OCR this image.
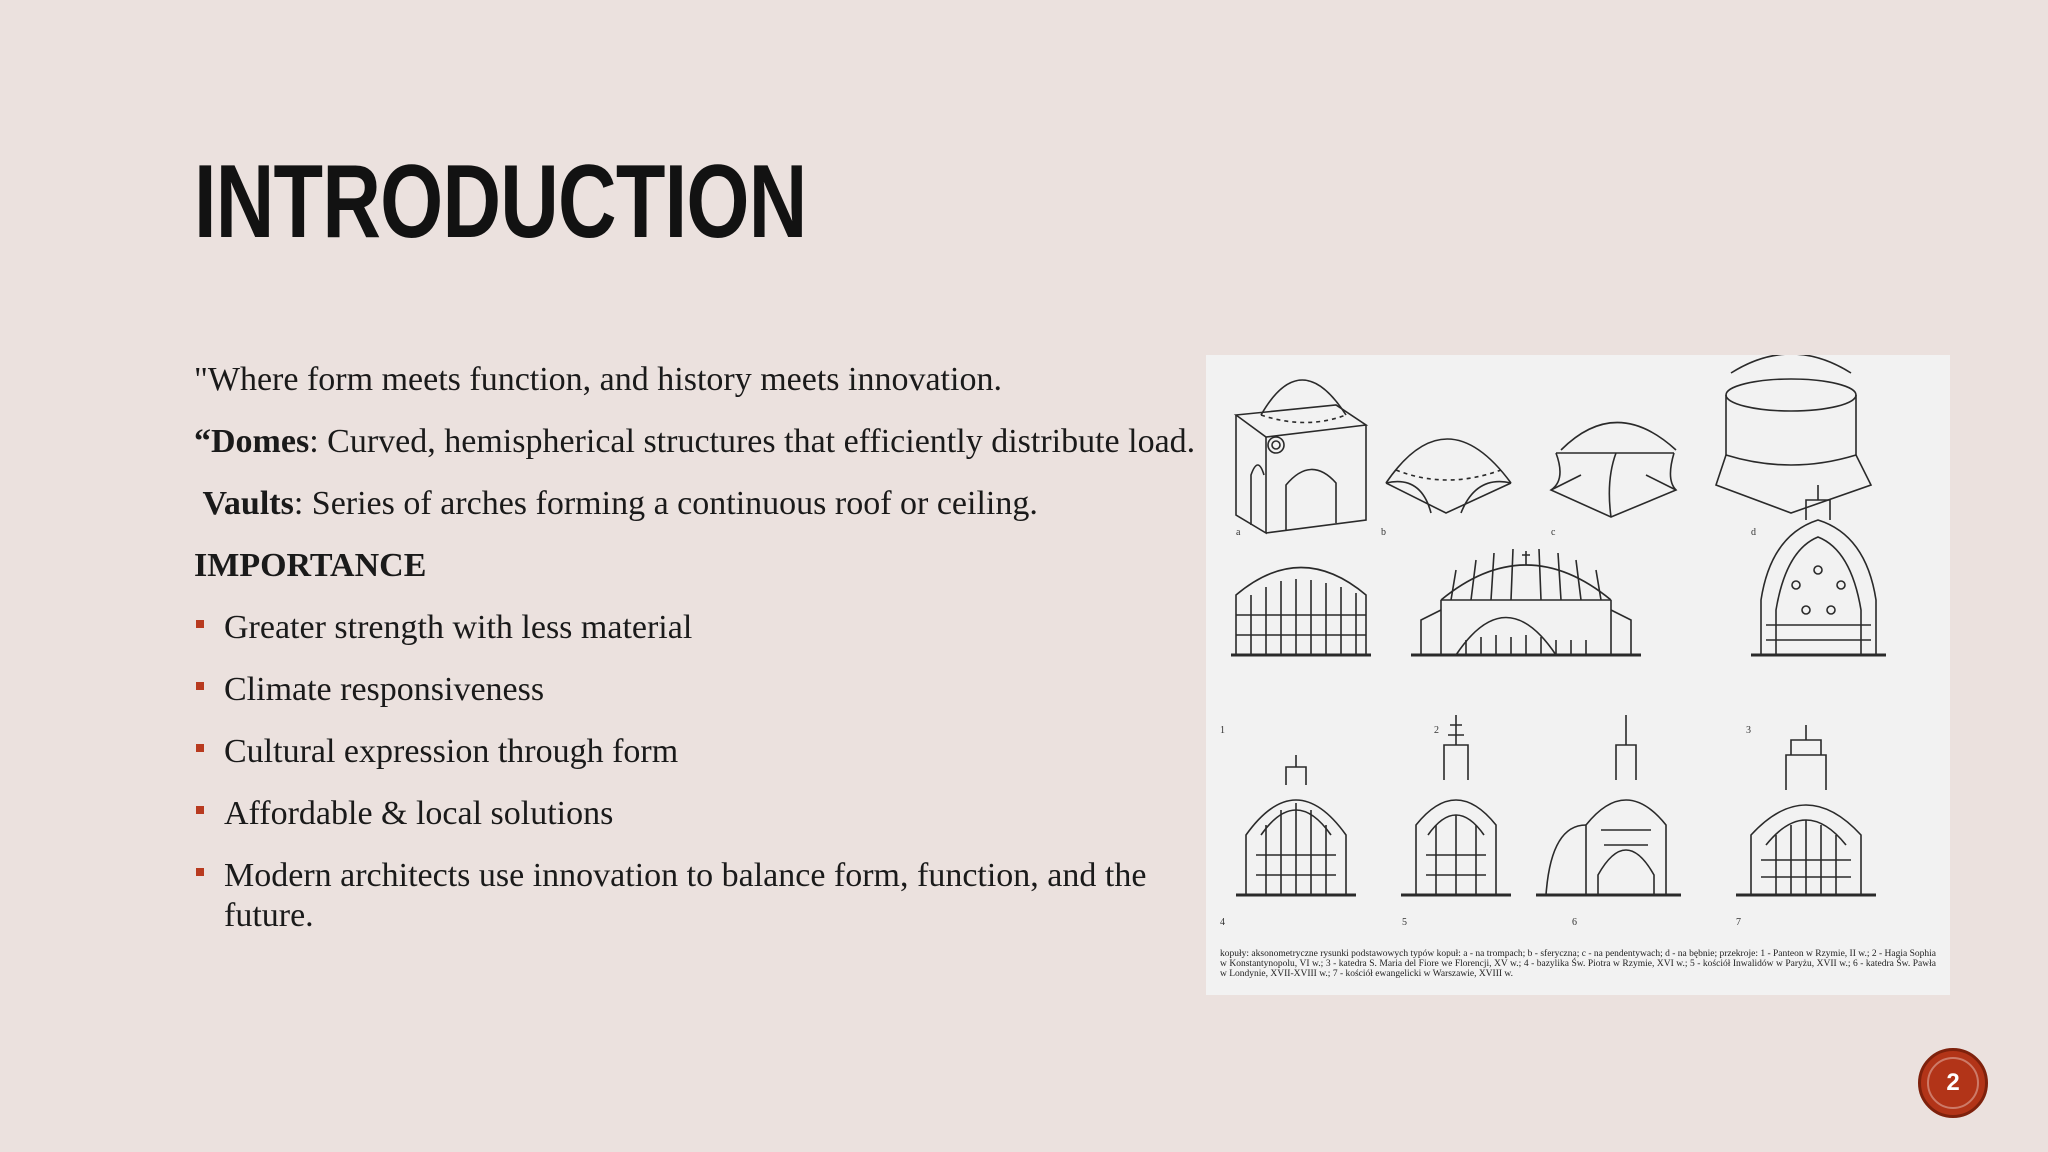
INTRODUCTION

"Where form meets function, and history meets innovation.

“Domes: Curved, hemispherical structures that efficiently distribute load.

Vaults: Series of arches forming a continuous roof or ceiling.

IMPORTANCE

Greater strength with less material
Climate responsiveness
Cultural expression through form
Affordable & local solutions
Modern architects use innovation to balance form, function, and the future.
a	b	c	d
1	2	3
4	5	6	7
kopuły: aksonometryczne rysunki podstawowych typów kopuł: a - na trompach; b - sferyczna; c - na pendentywach; d - na bębnie; przekroje: 1 - Panteon w Rzymie, II w.; 2 - Hagia Sophia w Konstantynopolu, VI w.; 3 - katedra S. Maria del Fiore we Florencji, XV w.; 4 - bazylika Św. Piotra w Rzymie, XVI w.; 5 - kościół Inwalidów w Paryżu, XVII w.; 6 - katedra Św. Pawła w Londynie, XVII-XVIII w.; 7 - kościół ewangelicki w Warszawie, XVIII w.
2
